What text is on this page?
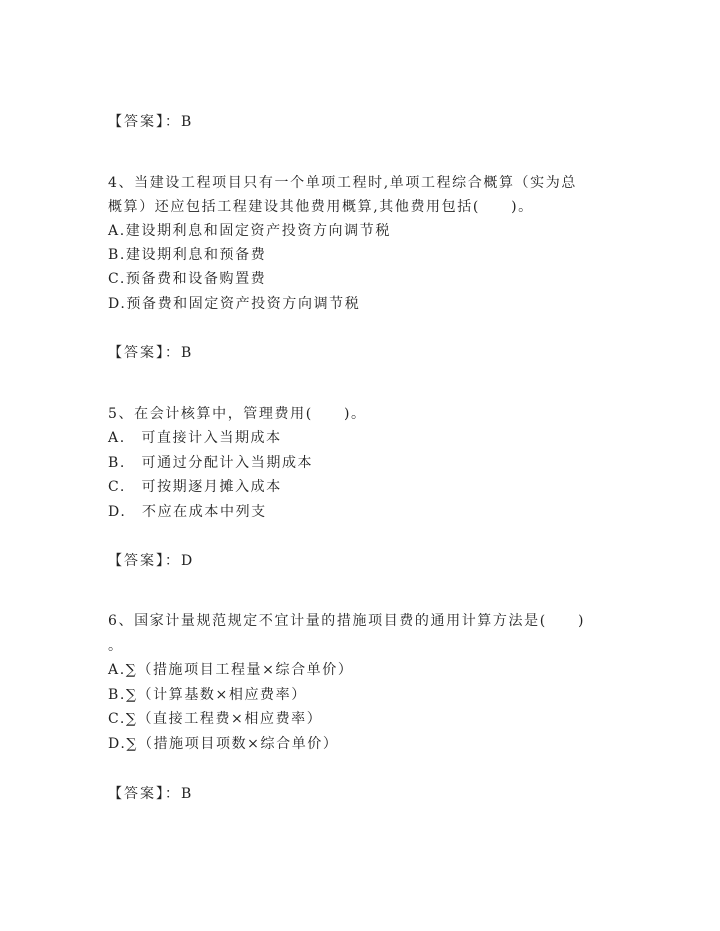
【答案】：B
4、当建设工程项目只有一个单项工程时,单项工程综合概算（实为总
概算）还应包括工程建设其他费用概算,其他费用包括(　　)。
A.建设期利息和固定资产投资方向调节税
B.建设期利息和预备费
C.预备费和设备购置费
D.预备费和固定资产投资方向调节税
【答案】：B
5、在会计核算中，管理费用(　　)。
A.　可直接计入当期成本
B.　可通过分配计入当期成本
C.　可按期逐月摊入成本
D.　不应在成本中列支
【答案】：D
6、国家计量规范规定不宜计量的措施项目费的通用计算方法是(　　)
。
A.∑（措施项目工程量×综合单价）
B.∑（计算基数×相应费率）
C.∑（直接工程费×相应费率）
D.∑（措施项目项数×综合单价）
【答案】：B
